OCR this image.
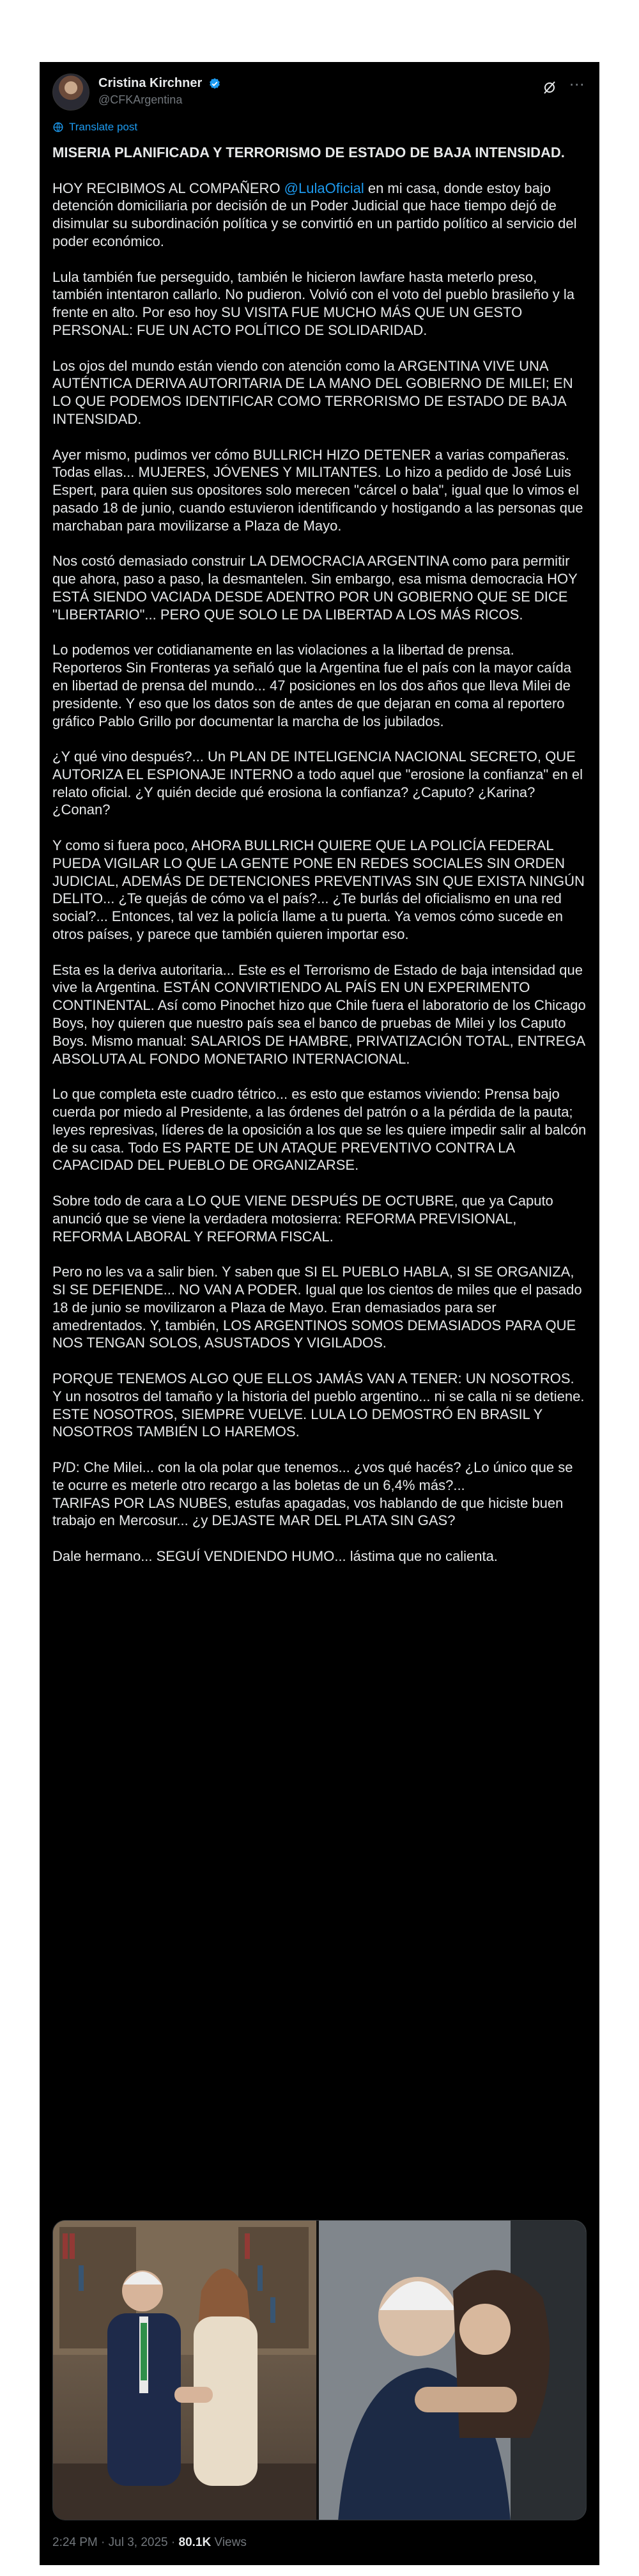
Cristina Kirchner
@CFKArgentina
⋯
Translate post
MISERIA PLANIFICADA Y TERRORISMO DE ESTADO DE BAJA INTENSIDAD.

HOY RECIBIMOS AL COMPAÑERO @LulaOficial en mi casa, donde estoy bajo detención domiciliaria por decisión de un Poder Judicial que hace tiempo dejó de disimular su subordinación política y se convirtió en un partido político al servicio del poder económico.

Lula también fue perseguido, también le hicieron lawfare hasta meterlo preso, también intentaron callarlo. No pudieron. Volvió con el voto del pueblo brasileño y la frente en alto. Por eso hoy SU VISITA FUE MUCHO MÁS QUE UN GESTO PERSONAL: FUE UN ACTO POLÍTICO DE SOLIDARIDAD.

Los ojos del mundo están viendo con atención como la ARGENTINA VIVE UNA AUTÉNTICA DERIVA AUTORITARIA DE LA MANO DEL GOBIERNO DE MILEI; EN LO QUE PODEMOS IDENTIFICAR COMO TERRORISMO DE ESTADO DE BAJA INTENSIDAD.

Ayer mismo, pudimos ver cómo BULLRICH HIZO DETENER a varias compañeras. Todas ellas... MUJERES, JÓVENES Y MILITANTES. Lo hizo a pedido de José Luis Espert, para quien sus opositores solo merecen "cárcel o bala", igual que lo vimos el pasado 18 de junio, cuando estuvieron identificando y hostigando a las personas que marchaban para movilizarse a Plaza de Mayo.

Nos costó demasiado construir LA DEMOCRACIA ARGENTINA como para permitir que ahora, paso a paso, la desmantelen. Sin embargo, esa misma democracia HOY ESTÁ SIENDO VACIADA DESDE ADENTRO POR UN GOBIERNO QUE SE DICE "LIBERTARIO"... PERO QUE SOLO LE DA LIBERTAD A LOS MÁS RICOS.

Lo podemos ver cotidianamente en las violaciones a la libertad de prensa. Reporteros Sin Fronteras ya señaló que la Argentina fue el país con la mayor caída en libertad de prensa del mundo... 47 posiciones en los dos años que lleva Milei de presidente. Y eso que los datos son de antes de que dejaran en coma al reportero gráfico Pablo Grillo por documentar la marcha de los jubilados.

¿Y qué vino después?... Un PLAN DE INTELIGENCIA NACIONAL SECRETO, QUE AUTORIZA EL ESPIONAJE INTERNO a todo aquel que "erosione la confianza" en el relato oficial. ¿Y quién decide qué erosiona la confianza? ¿Caputo? ¿Karina? ¿Conan?

Y como si fuera poco, AHORA BULLRICH QUIERE QUE LA POLICÍA FEDERAL PUEDA VIGILAR LO QUE LA GENTE PONE EN REDES SOCIALES SIN ORDEN JUDICIAL, ADEMÁS DE DETENCIONES PREVENTIVAS SIN QUE EXISTA NINGÚN DELITO... ¿Te quejás de cómo va el país?... ¿Te burlás del oficialismo en una red social?... Entonces, tal vez la policía llame a tu puerta. Ya vemos cómo sucede en otros países, y parece que también quieren importar eso.

Esta es la deriva autoritaria... Este es el Terrorismo de Estado de baja intensidad que vive la Argentina. ESTÁN CONVIRTIENDO AL PAÍS EN UN EXPERIMENTO CONTINENTAL. Así como Pinochet hizo que Chile fuera el laboratorio de los Chicago Boys, hoy quieren que nuestro país sea el banco de pruebas de Milei y los Caputo Boys. Mismo manual: SALARIOS DE HAMBRE, PRIVATIZACIÓN TOTAL, ENTREGA ABSOLUTA AL FONDO MONETARIO INTERNACIONAL.

Lo que completa este cuadro tétrico... es esto que estamos viviendo: Prensa bajo cuerda por miedo al Presidente, a las órdenes del patrón o a la pérdida de la pauta; leyes represivas, líderes de la oposición a los que se les quiere impedir salir al balcón de su casa. Todo ES PARTE DE UN ATAQUE PREVENTIVO CONTRA LA CAPACIDAD DEL PUEBLO DE ORGANIZARSE.

Sobre todo de cara a LO QUE VIENE DESPUÉS DE OCTUBRE, que ya Caputo anunció que se viene la verdadera motosierra: REFORMA PREVISIONAL, REFORMA LABORAL Y REFORMA FISCAL.

Pero no les va a salir bien. Y saben que SI EL PUEBLO HABLA, SI SE ORGANIZA, SI SE DEFIENDE... NO VAN A PODER. Igual que los cientos de miles que el pasado 18 de junio se movilizaron a Plaza de Mayo. Eran demasiados para ser amedrentados. Y, también, LOS ARGENTINOS SOMOS DEMASIADOS PARA QUE NOS TENGAN SOLOS, ASUSTADOS Y VIGILADOS.

PORQUE TENEMOS ALGO QUE ELLOS JAMÁS VAN A TENER: UN NOSOTROS. Y un nosotros del tamaño y la historia del pueblo argentino... ni se calla ni se detiene. ESTE NOSOTROS, SIEMPRE VUELVE. LULA LO DEMOSTRÓ EN BRASIL Y NOSOTROS TAMBIÉN LO HAREMOS.

P/D: Che Milei... con la ola polar que tenemos... ¿vos qué hacés? ¿Lo único que se te ocurre es meterle otro recargo a las boletas de un 6,4% más?...
TARIFAS POR LAS NUBES, estufas apagadas, vos hablando de que hiciste buen trabajo en Mercosur... ¿y DEJASTE MAR DEL PLATA SIN GAS?

Dale hermano... SEGUÍ VENDIENDO HUMO... lástima que no calienta.
2:24 PM · Jul 3, 2025 · 80.1K Views
